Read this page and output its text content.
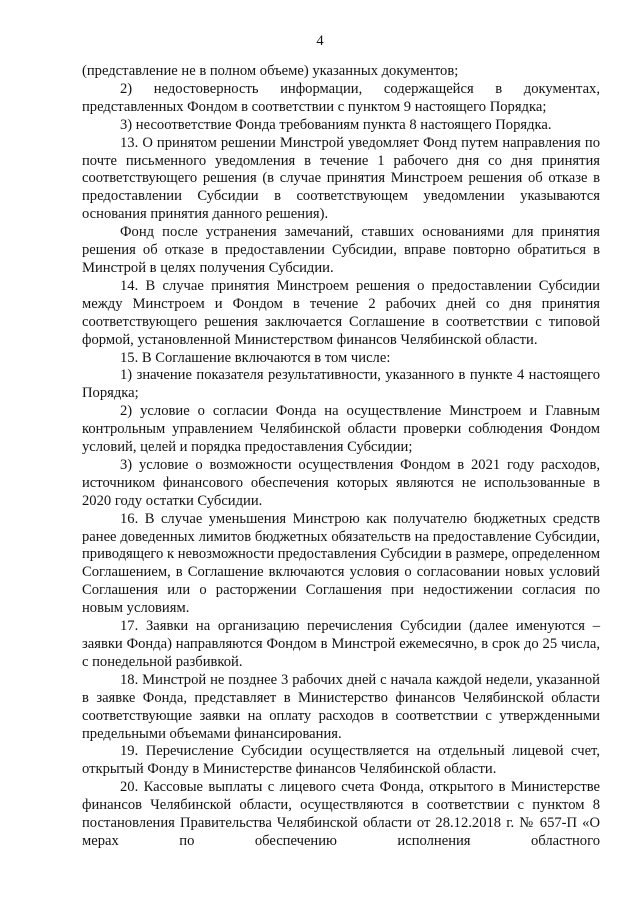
4

(представление не в полном объеме) указанных документов;

2) недостоверность информации, содержащейся в документах, представленных Фондом в соответствии с пунктом 9 настоящего Порядка;

3) несоответствие Фонда требованиям пункта 8 настоящего Порядка.

13. О принятом решении Минстрой уведомляет Фонд путем направления по почте письменного уведомления в течение 1 рабочего дня со дня принятия соответствующего решения (в случае принятия Минстроем решения об отказе в предоставлении Субсидии в соответствующем уведомлении указываются основания принятия данного решения).

Фонд после устранения замечаний, ставших основаниями для принятия решения об отказе в предоставлении Субсидии, вправе повторно обратиться в Минстрой в целях получения Субсидии.

14. В случае принятия Минстроем решения о предоставлении Субсидии между Минстроем и Фондом в течение 2 рабочих дней со дня принятия соответствующего решения заключается Соглашение в соответствии с типовой формой, установленной Министерством финансов Челябинской области.

15. В Соглашение включаются в том числе:

1) значение показателя результативности, указанного в пункте 4 настоящего Порядка;

2) условие о согласии Фонда на осуществление Минстроем и Главным контрольным управлением Челябинской области проверки соблюдения Фондом условий, целей и порядка предоставления Субсидии;

3) условие о возможности осуществления Фондом в 2021 году расходов, источником финансового обеспечения которых являются не использованные в 2020 году остатки Субсидии.

16. В случае уменьшения Минстрою как получателю бюджетных средств ранее доведенных лимитов бюджетных обязательств на предоставление Субсидии, приводящего к невозможности предоставления Субсидии в размере, определенном Соглашением, в Соглашение включаются условия о согласовании новых условий Соглашения или о расторжении Соглашения при недостижении согласия по новым условиям.

17. Заявки на организацию перечисления Субсидии (далее именуются – заявки Фонда) направляются Фондом в Минстрой ежемесячно, в срок до 25 числа, с понедельной разбивкой.

18. Минстрой не позднее 3 рабочих дней с начала каждой недели, указанной в заявке Фонда, представляет в Министерство финансов Челябинской области соответствующие заявки на оплату расходов в соответствии с утвержденными предельными объемами финансирования.

19. Перечисление Субсидии осуществляется на отдельный лицевой счет, открытый Фонду в Министерстве финансов Челябинской области.

20. Кассовые выплаты с лицевого счета Фонда, открытого в Министерстве финансов Челябинской области, осуществляются в соответствии с пунктом 8 постановления Правительства Челябинской области от 28.12.2018 г. № 657-П «О мерах по обеспечению исполнения областного
